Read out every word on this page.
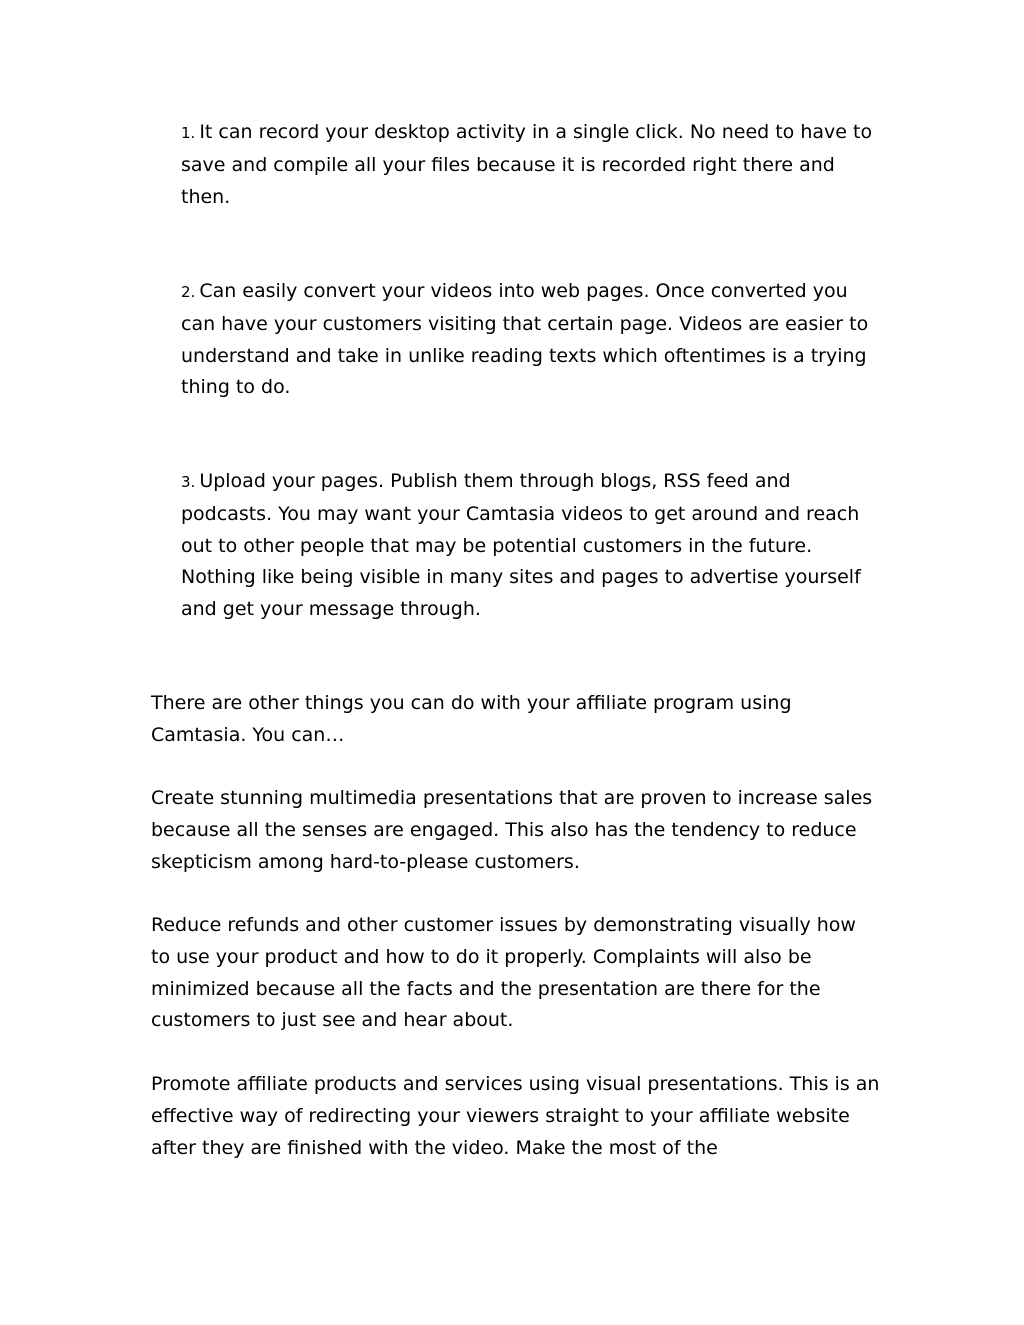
1. It can record your desktop activity in a single click. No need to have to save and compile all your files because it is recorded right there and then.

2. Can easily convert your videos into web pages. Once converted you can have your customers visiting that certain page. Videos are easier to understand and take in unlike reading texts which oftentimes is a trying thing to do.

3. Upload your pages. Publish them through blogs, RSS feed and podcasts. You may want your Camtasia videos to get around and reach out to other people that may be potential customers in the future. Nothing like being visible in many sites and pages to advertise yourself and get your message through.

There are other things you can do with your affiliate program using Camtasia. You can…

Create stunning multimedia presentations that are proven to increase sales because all the senses are engaged. This also has the tendency to reduce skepticism among hard-to-please customers.

Reduce refunds and other customer issues by demonstrating visually how to use your product and how to do it properly. Complaints will also be minimized because all the facts and the presentation are there for the customers to just see and hear about.

Promote affiliate products and services using visual presentations. This is an effective way of redirecting your viewers straight to your affiliate website after they are finished with the video. Make the most of the
